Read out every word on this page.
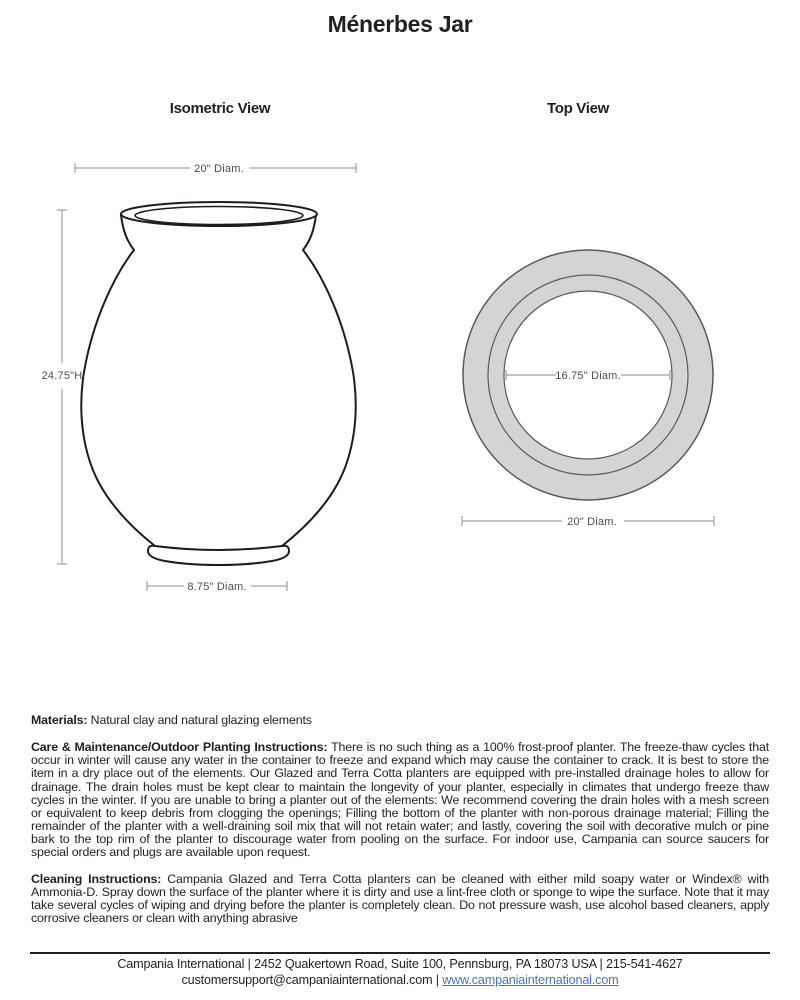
Ménerbes Jar
Isometric View	Top View
20" Diam.
24.75"H
8.75" Diam.
16.75" Diam.
20" Diam.

Materials: Natural clay and natural glazing elements

Care & Maintenance/Outdoor Planting Instructions: There is no such thing as a 100% frost-proof planter. The freeze-thaw cycles that occur in winter will cause any water in the container to freeze and expand which may cause the container to crack. It is best to store the item in a dry place out of the elements. Our Glazed and Terra Cotta planters are equipped with pre-installed drainage holes to allow for drainage. The drain holes must be kept clear to maintain the longevity of your planter, especially in climates that undergo freeze thaw cycles in the winter. If you are unable to bring a planter out of the elements: We recommend covering the drain holes with a mesh screen or equivalent to keep debris from clogging the openings; Filling the bottom of the planter with non-porous drainage material; Filling the remainder of the planter with a well-draining soil mix that will not retain water; and lastly, covering the soil with decorative mulch or pine bark to the top rim of the planter to discourage water from pooling on the surface. For indoor use, Campania can source saucers for special orders and plugs are available upon request.

Cleaning Instructions: Campania Glazed and Terra Cotta planters can be cleaned with either mild soapy water or Windex® with Ammonia-D. Spray down the surface of the planter where it is dirty and use a lint-free cloth or sponge to wipe the surface. Note that it may take several cycles of wiping and drying before the planter is completely clean. Do not pressure wash, use alcohol based cleaners, apply corrosive cleaners or clean with anything abrasive

Campania International | 2452 Quakertown Road, Suite 100, Pennsburg, PA 18073 USA | 215-541-4627
customersupport@campaniainternational.com | www.campaniainternational.com
